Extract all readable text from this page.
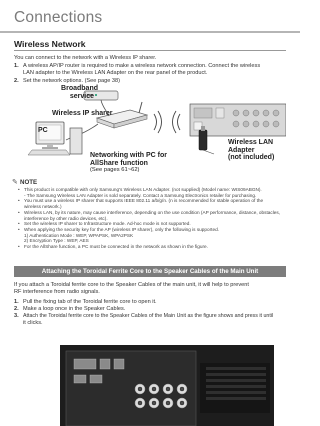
Connections
Wireless Network
You can connect to the network with a Wireless IP sharer.
1. A wireless AP/IP router is required to make a wireless network connection. Connect the wireless
LAN adapter to the Wireless LAN Adapter on the rear panel of the product.
2. Set the network options. (See page 38)
Broadband
service
Wireless IP sharer
PC
Networking with PC for
AllShare function
(See pages 61~62)
Wireless LAN
Adapter
(not included)
✎ NOTE
• This product is compatible with only Samsung's Wireless LAN Adapter. (not supplied) (Model name: WIS09ABGN).
- The Samsung Wireless LAN Adapter is sold separately. Contact a Samsung Electronics retailer for purchasing.
• You must use a wireless IP sharer that supports IEEE 802.11 a/b/g/n. (n is recommended for stable operation of the
wireless network.)
• Wireless LAN, by its nature, may cause interference, depending on the use condition (AP performance, distance, obstacles,
interference by other radio devices, etc).
• Set the wireless IP sharer to Infrastructure mode. Ad-hoc mode is not supported.
• When applying the security key for the AP (wireless IP sharer), only the following is supported.
1) Authentication Mode : WEP, WPAPSK, WPA2PSK
2) Encryption Type : WEP, AES
• For the AllShare function, a PC must be connected in the network as shown in the figure.
Attaching the Toroidal Ferrite Core to the Speaker Cables of the Main Unit
If you attach a Toroidal ferrite core to the Speaker Cables of the main unit, it will help to prevent
RF interference from radio signals.
1. Pull the fixing tab of the Toroidal ferrite core to open it.
2. Make a loop once in the Speaker Cables.
3. Attach the Toroidal ferrite core to the Speaker Cables of the Main Unit as the figure shows and press it until
it clicks.
